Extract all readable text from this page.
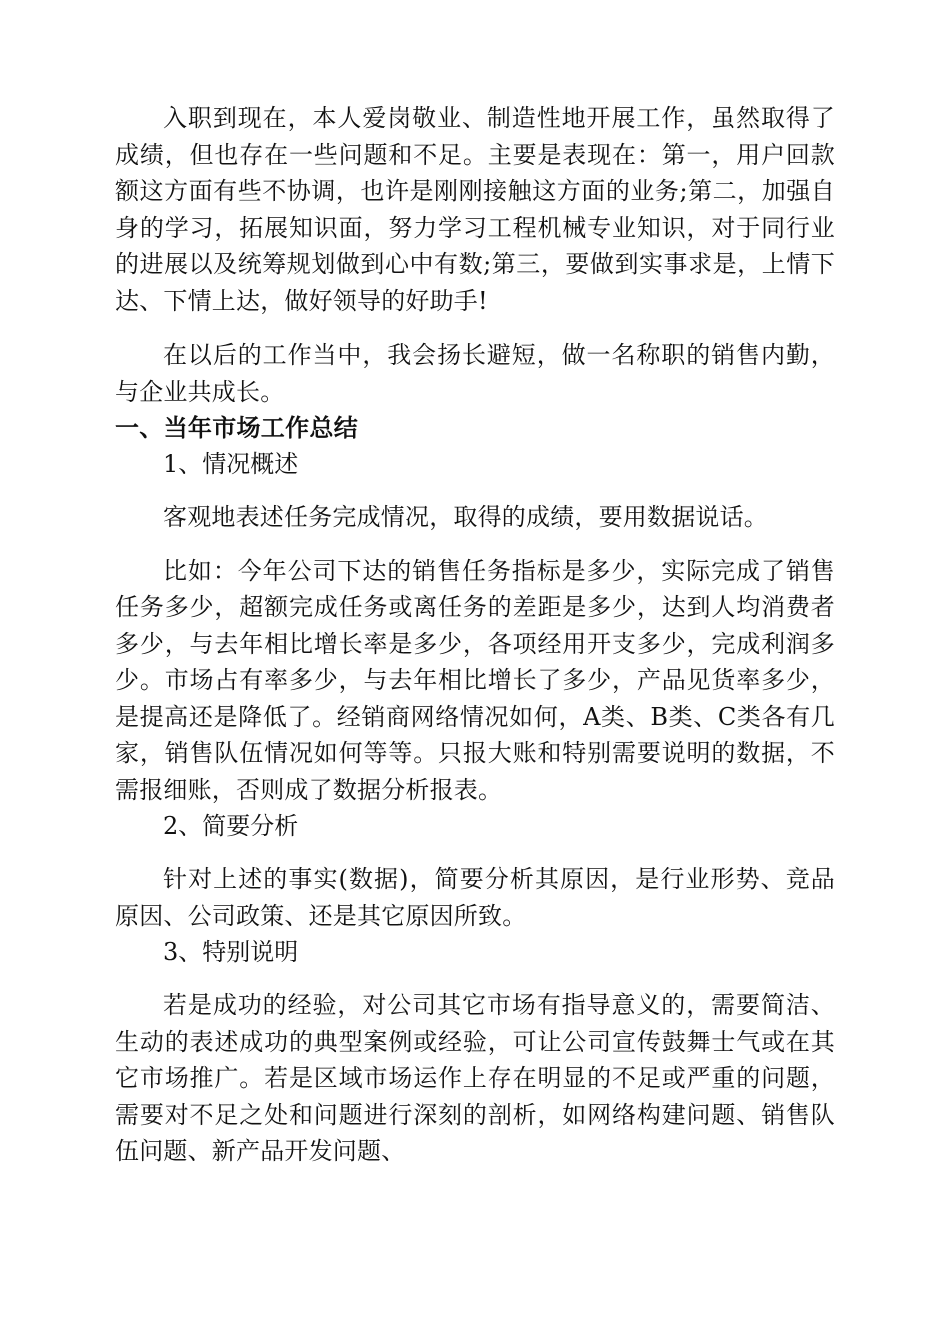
入职到现在，本人爱岗敬业、制造性地开展工作，虽然取得了成绩，但也存在一些问题和不足。主要是表现在：第一，用户回款额这方面有些不协调，也许是刚刚接触这方面的业务;第二，加强自身的学习，拓展知识面，努力学习工程机械专业知识，对于同行业的进展以及统筹规划做到心中有数;第三，要做到实事求是，上情下达、下情上达，做好领导的好助手!

在以后的工作当中，我会扬长避短，做一名称职的销售内勤，与企业共成长。

一、当年市场工作总结

1、情况概述

客观地表述任务完成情况，取得的成绩，要用数据说话。

比如：今年公司下达的销售任务指标是多少，实际完成了销售任务多少，超额完成任务或离任务的差距是多少，达到人均消费者多少，与去年相比增长率是多少，各项经用开支多少，完成利润多少。市场占有率多少，与去年相比增长了多少，产品见货率多少，是提高还是降低了。经销商网络情况如何，A类、B类、C类各有几家，销售队伍情况如何等等。只报大账和特别需要说明的数据，不需报细账，否则成了数据分析报表。

2、简要分析

针对上述的事实(数据)，简要分析其原因，是行业形势、竞品原因、公司政策、还是其它原因所致。

3、特别说明

若是成功的经验，对公司其它市场有指导意义的，需要简洁、生动的表述成功的典型案例或经验，可让公司宣传鼓舞士气或在其它市场推广。若是区域市场运作上存在明显的不足或严重的问题，需要对不足之处和问题进行深刻的剖析，如网络构建问题、销售队伍问题、新产品开发问题、
